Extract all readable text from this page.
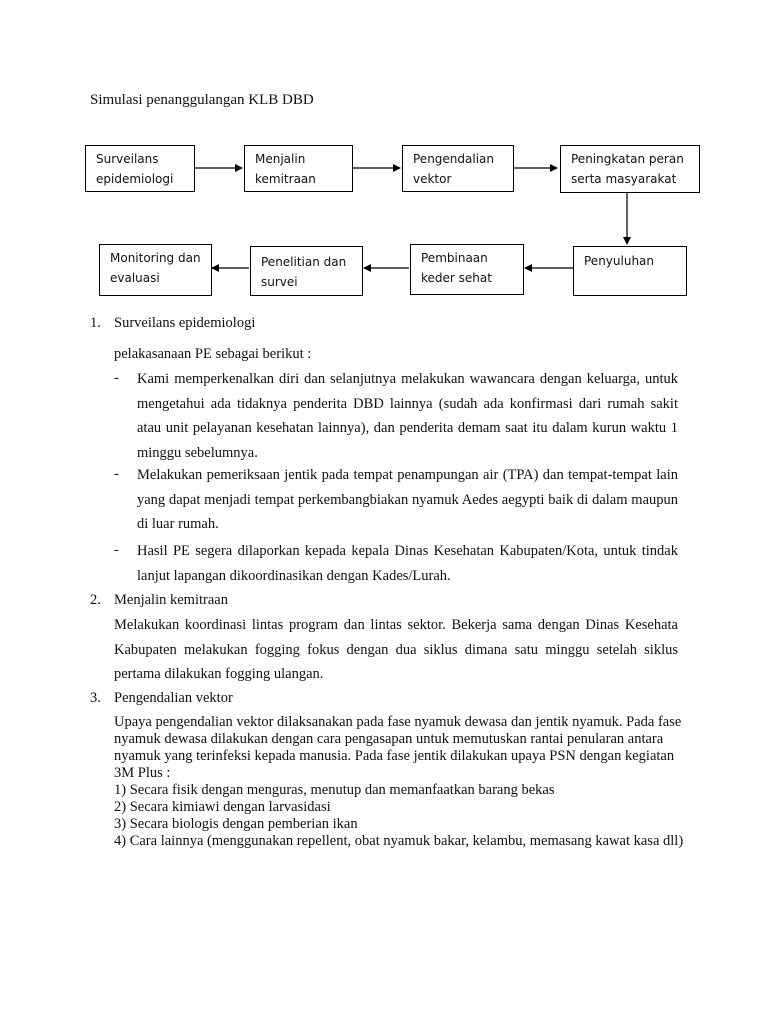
Simulasi penanggulangan KLB DBD
Surveilans
epidemiologi
Menjalin
kemitraan
Pengendalian
vektor
Peningkatan peran
serta masyarakat
Monitoring dan
evaluasi
Penelitian dan
survei
Pembinaan
keder sehat
Penyuluhan
1. Surveilans epidemiologi
pelakasanaan PE sebagai berikut :
- Kami memperkenalkan diri dan selanjutnya melakukan wawancara dengan keluarga, untuk mengetahui ada tidaknya penderita DBD lainnya (sudah ada konfirmasi dari rumah sakit atau unit pelayanan kesehatan lainnya), dan penderita demam saat itu dalam kurun waktu 1 minggu sebelumnya.
- Melakukan pemeriksaan jentik pada tempat penampungan air (TPA) dan tempat-tempat lain yang dapat menjadi tempat perkembangbiakan nyamuk Aedes aegypti baik di dalam maupun di luar rumah.
- Hasil PE segera dilaporkan kepada kepala Dinas Kesehatan Kabupaten/Kota, untuk tindak lanjut lapangan dikoordinasikan dengan Kades/Lurah.
2. Menjalin kemitraan
Melakukan koordinasi lintas program dan lintas sektor. Bekerja sama dengan Dinas Kesehata Kabupaten melakukan fogging fokus dengan dua siklus dimana satu minggu setelah siklus pertama dilakukan fogging ulangan.
3. Pengendalian vektor
Upaya pengendalian vektor dilaksanakan pada fase nyamuk dewasa dan jentik nyamuk. Pada fase nyamuk dewasa dilakukan dengan cara pengasapan untuk memutuskan rantai penularan antara nyamuk yang terinfeksi kepada manusia. Pada fase jentik dilakukan upaya PSN dengan kegiatan 3M Plus :
1) Secara fisik dengan menguras, menutup dan memanfaatkan barang bekas
2) Secara kimiawi dengan larvasidasi
3) Secara biologis dengan pemberian ikan
4) Cara lainnya (menggunakan repellent, obat nyamuk bakar, kelambu, memasang kawat kasa dll)
